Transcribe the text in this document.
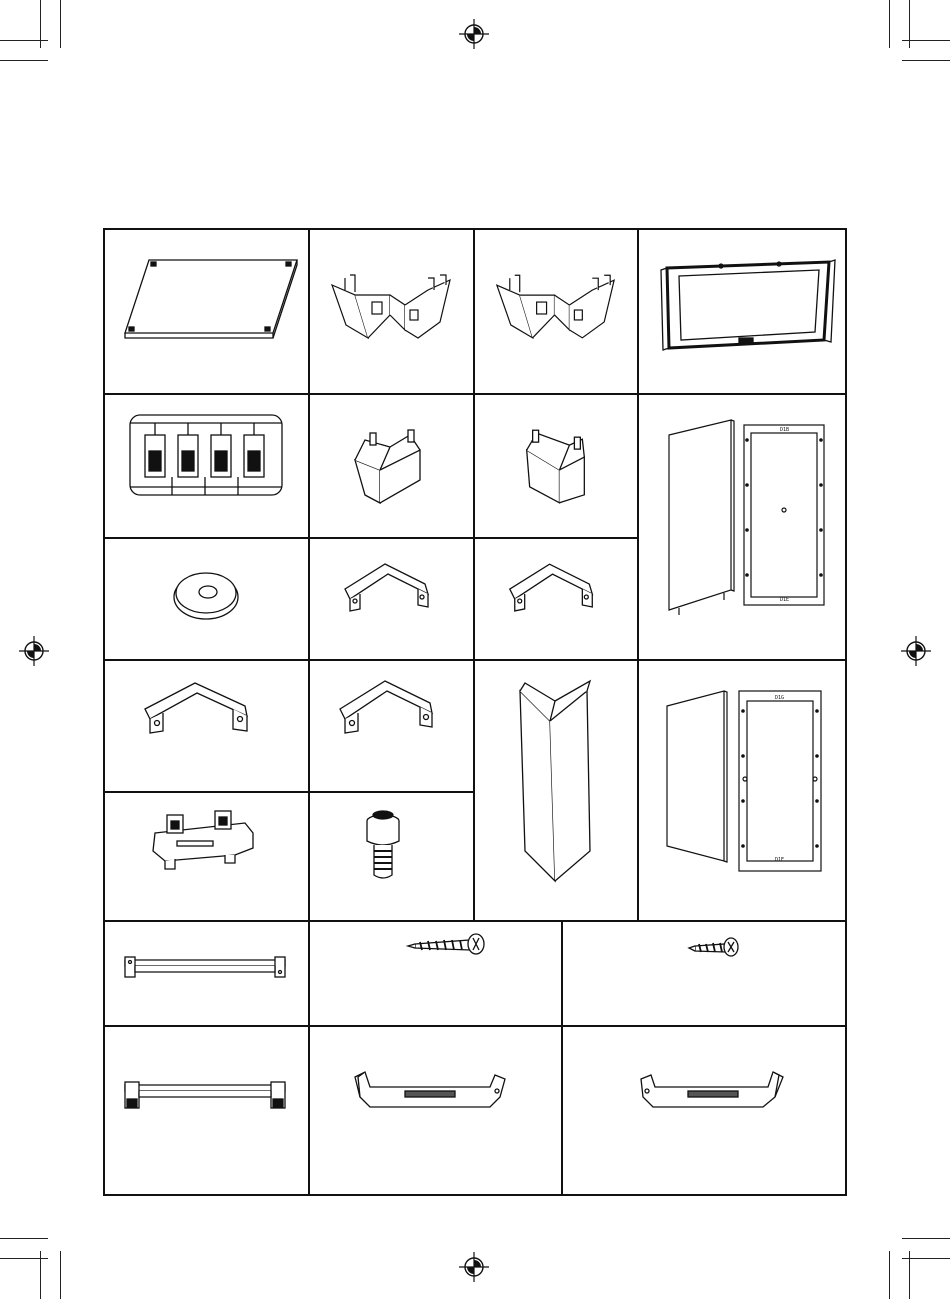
D1B
D1E
D1G
D1E
